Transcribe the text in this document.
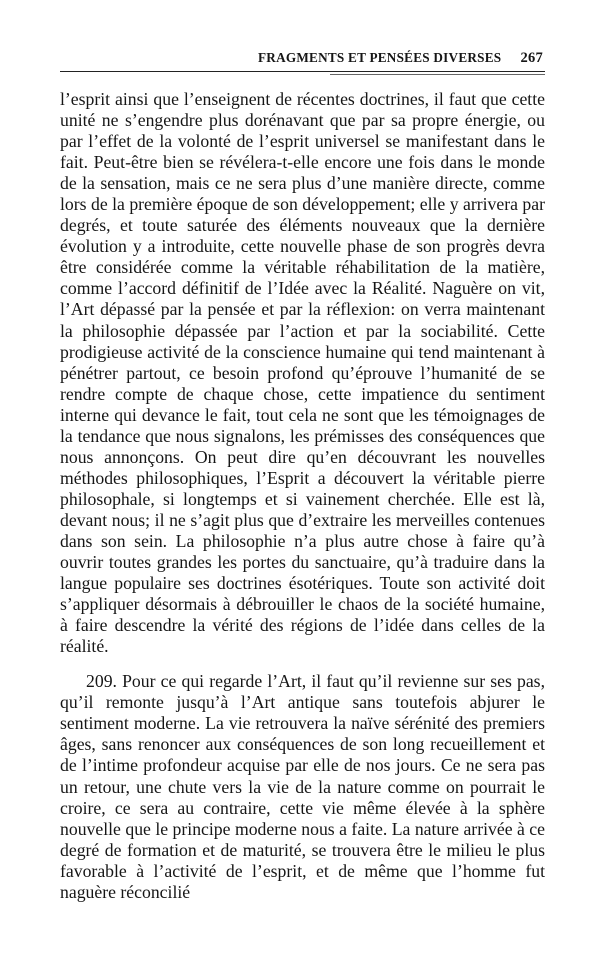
FRAGMENTS ET PENSÉES DIVERSES 267

l’esprit ainsi que l’enseignent de récentes doctrines, il faut que cette unité ne s’engendre plus dorénavant que par sa propre énergie, ou par l’effet de la volonté de l’esprit universel se manifestant dans le fait. Peut-être bien se révélera-t-elle encore une fois dans le monde de la sensation, mais ce ne sera plus d’une manière directe, comme lors de la première époque de son développement; elle y arrivera par degrés, et toute saturée des éléments nouveaux que la dernière évolution y a introduite, cette nouvelle phase de son progrès devra être considérée comme la véritable réhabilitation de la matière, comme l’accord définitif de l’Idée avec la Réalité. Naguère on vit, l’Art dépassé par la pensée et par la réflexion: on verra maintenant la philosophie dépassée par l’action et par la sociabilité. Cette prodigieuse activité de la conscience humaine qui tend maintenant à pénétrer partout, ce besoin profond qu’éprouve l’humanité de se rendre compte de chaque chose, cette impatience du sentiment interne qui devance le fait, tout cela ne sont que les témoignages de la tendance que nous signalons, les prémisses des conséquences que nous annonçons. On peut dire qu’en découvrant les nouvelles méthodes philosophiques, l’Esprit a découvert la véritable pierre philosophale, si longtemps et si vainement cherchée. Elle est là, devant nous; il ne s’agit plus que d’extraire les merveilles contenues dans son sein. La philosophie n’a plus autre chose à faire qu’à ouvrir toutes grandes les portes du sanctuaire, qu’à traduire dans la langue populaire ses doctrines ésotériques. Toute son activité doit s’appliquer désormais à débrouiller le chaos de la société humaine, à faire descendre la vérité des régions de l’idée dans celles de la réalité.

209. Pour ce qui regarde l’Art, il faut qu’il revienne sur ses pas, qu’il remonte jusqu’à l’Art antique sans toutefois abjurer le sentiment moderne. La vie retrouvera la naïve sérénité des premiers âges, sans renoncer aux conséquences de son long recueillement et de l’intime profondeur acquise par elle de nos jours. Ce ne sera pas un retour, une chute vers la vie de la nature comme on pourrait le croire, ce sera au contraire, cette vie même élevée à la sphère nouvelle que le principe moderne nous a faite. La nature arrivée à ce degré de formation et de maturité, se trouvera être le milieu le plus favorable à l’activité de l’esprit, et de même que l’homme fut naguère réconcilié
